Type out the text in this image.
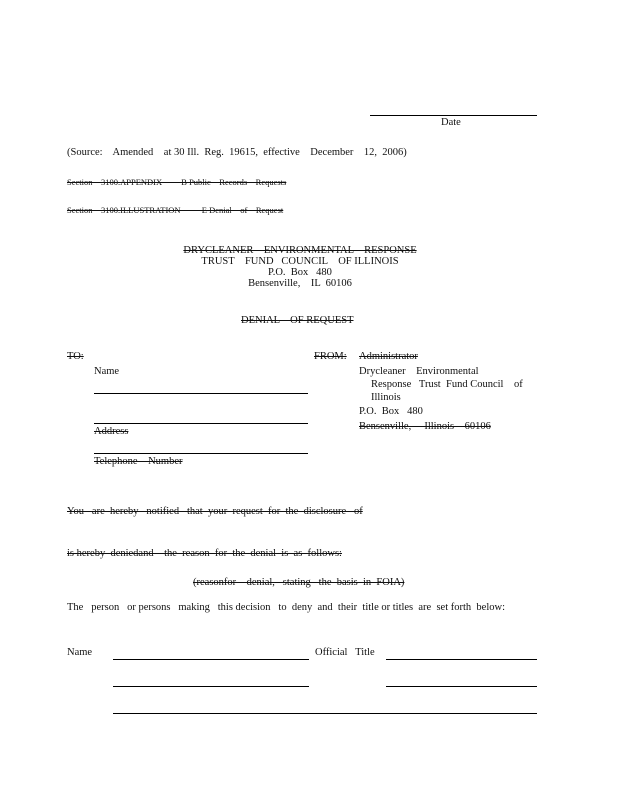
Date
(Source:    Amended    at 30 Ill.  Reg.  19615,  effective    December    12,  2006)
Section    3100.APPENDIX         B Public    Records    Requests
Section    3100.ILLUSTRATION          E Denial    of    Request
DRYCLEANER    ENVIRONMENTAL    RESPONSE
TRUST    FUND   COUNCIL    OF ILLINOIS
P.O.  Box   480
Bensenville,    IL  60106
DENIAL    OF REQUEST
TO:
Name
Address
Telephone    Number
FROM: Administrator
Drycleaner    Environmental
Response   Trust  Fund Council    of
Illinois
P.O.  Box   480
Bensenville,     Illinois    60106
You   are  hereby   notified   that  your  request  for  the  disclosure   of
is hereby  deniedand    the  reason  for  the  denial  is  as  follows:
(reasonfor    denial,   stating   the  basis  in  FOIA)
The   person   or persons   making   this decision   to  deny  and  their  title or titles  are  set forth  below:
Name	Official   Title
